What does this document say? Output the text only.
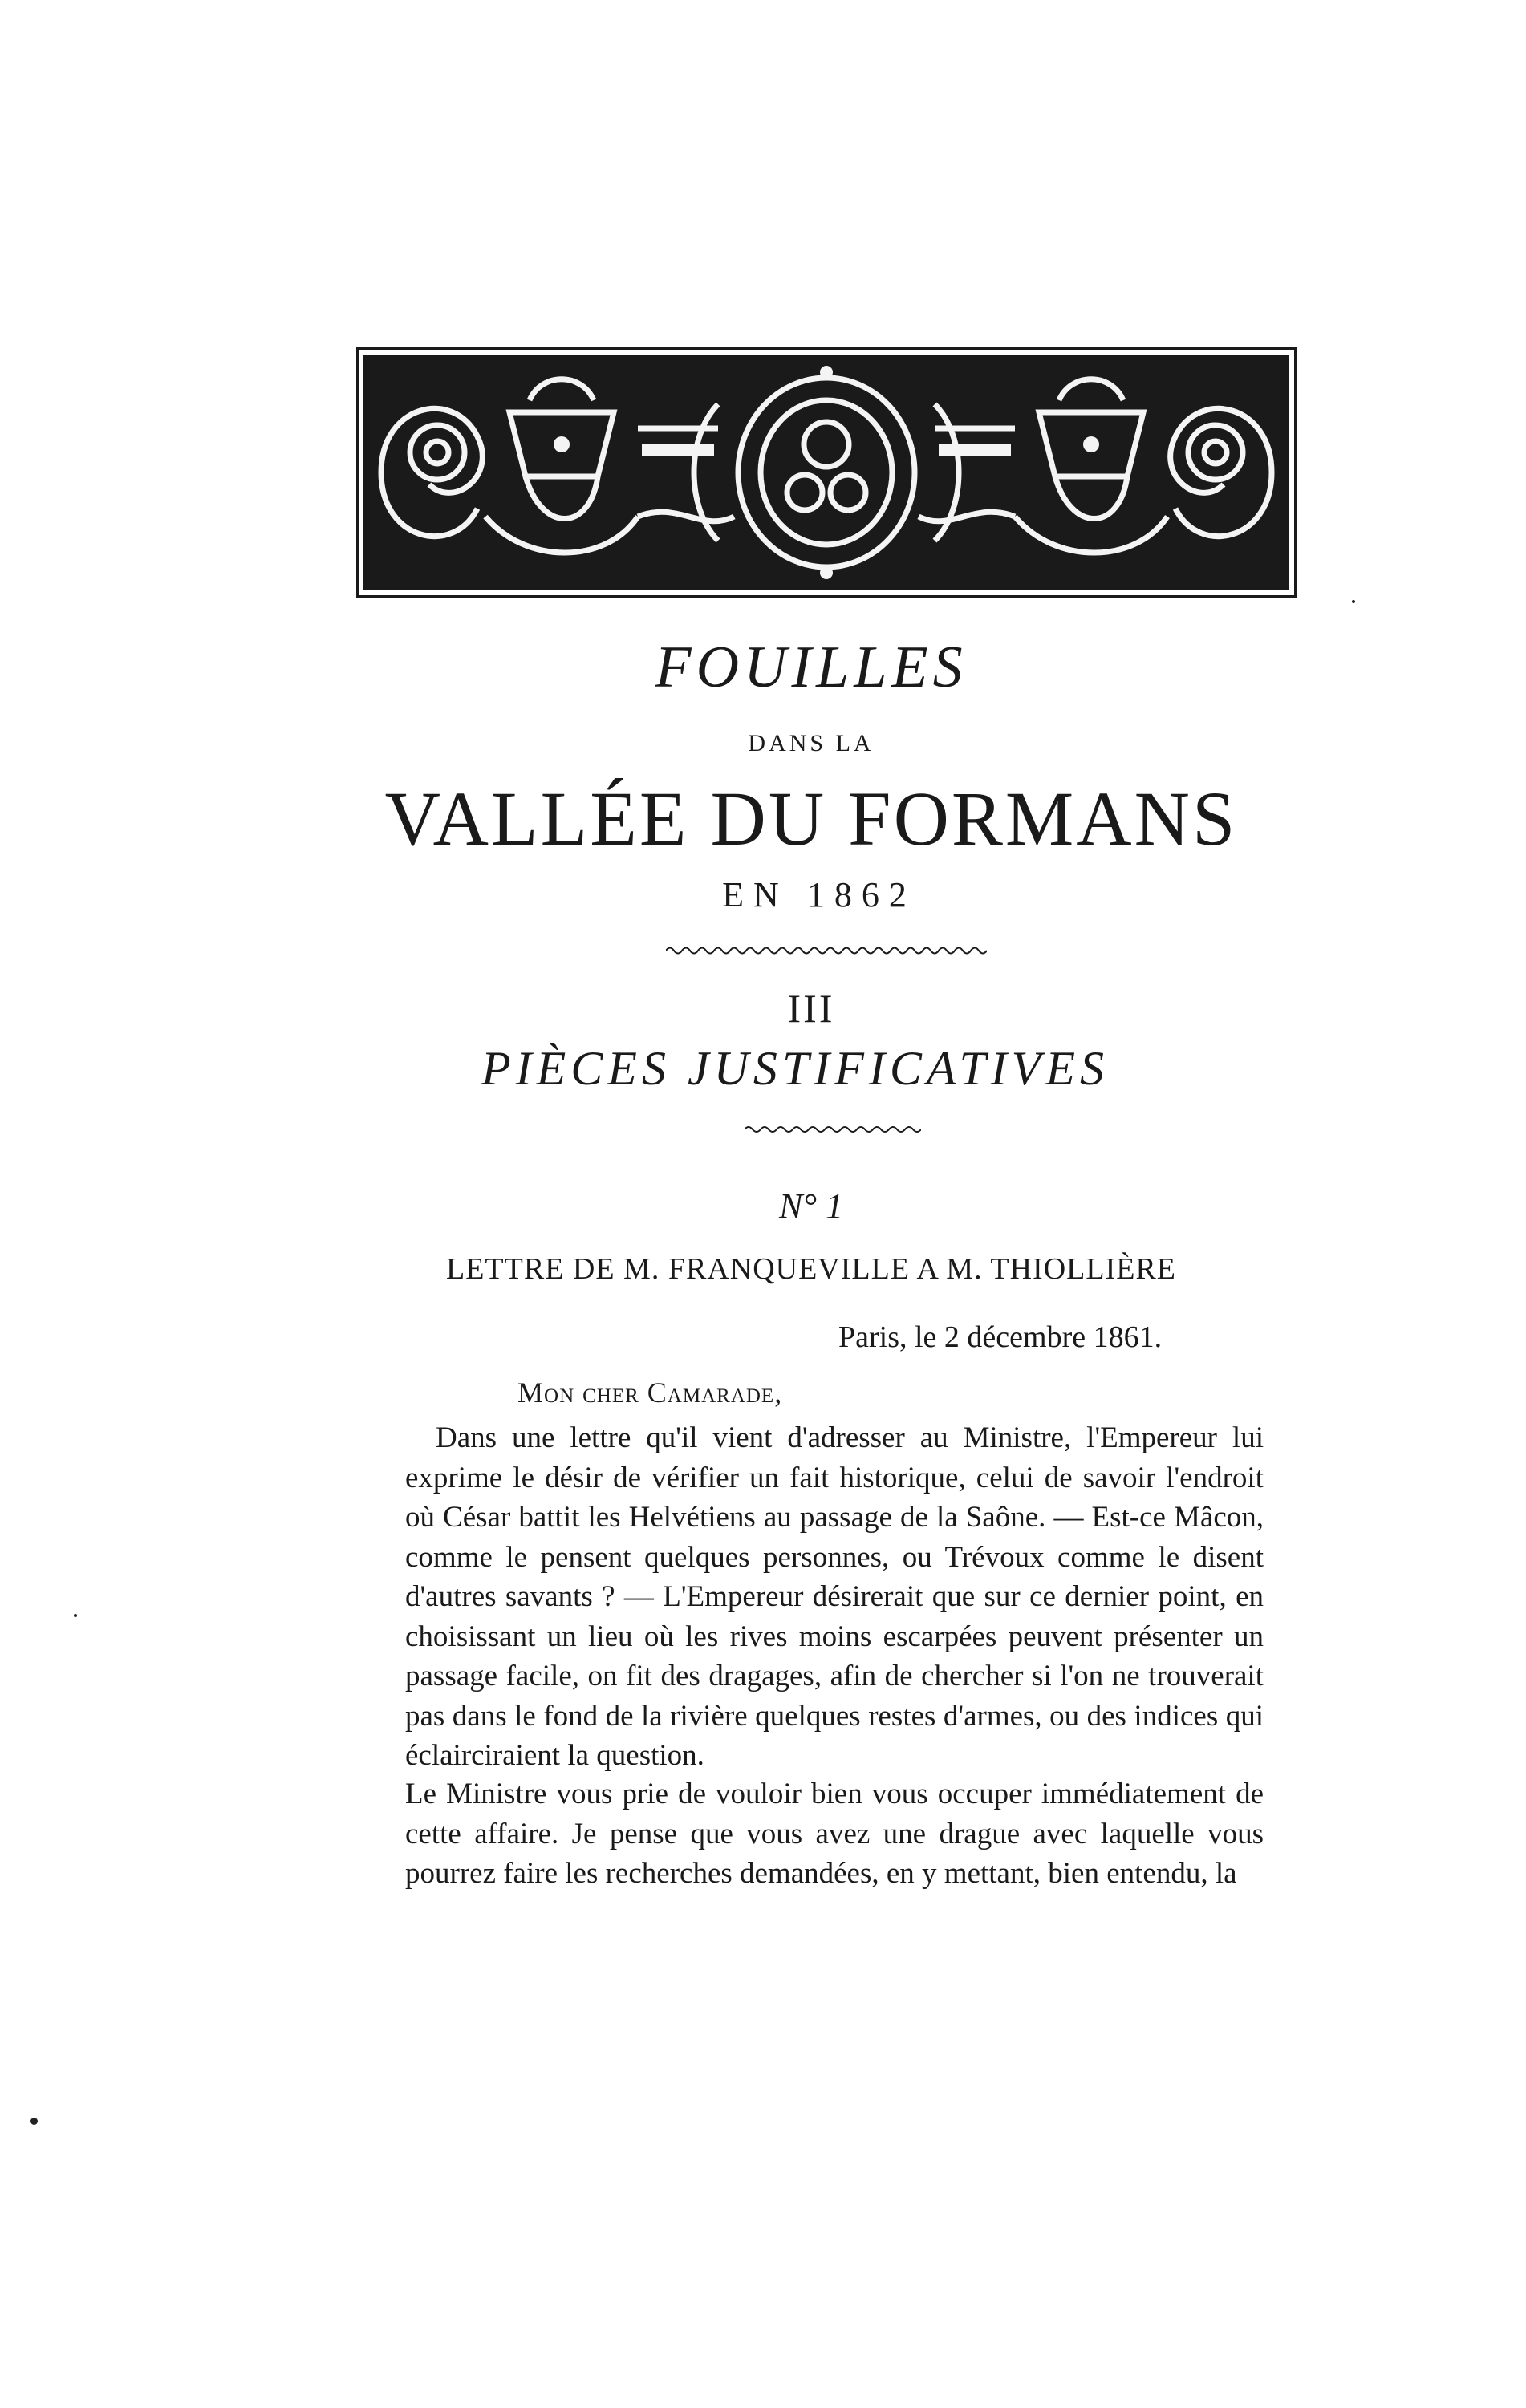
FOUILLES
DANS LA
VALLÉE DU FORMANS
EN 1862
III
PIÈCES JUSTIFICATIVES
N° 1
LETTRE DE M. FRANQUEVILLE A M. THIOLLIÈRE
Paris, le 2 décembre 1861.
Mon cher Camarade,

Dans une lettre qu'il vient d'adresser au Ministre, l'Empereur lui exprime le désir de vérifier un fait historique, celui de savoir l'endroit où César battit les Helvétiens au passage de la Saône. — Est-ce Mâcon, comme le pensent quelques personnes, ou Trévoux comme le disent d'autres savants ? — L'Empereur désirerait que sur ce dernier point, en choisissant un lieu où les rives moins escarpées peuvent présenter un passage facile, on fit des dragages, afin de chercher si l'on ne trouverait pas dans le fond de la rivière quelques restes d'armes, ou des indices qui éclairciraient la question.

Le Ministre vous prie de vouloir bien vous occuper immédiatement de cette affaire. Je pense que vous avez une drague avec laquelle vous pourrez faire les recherches demandées, en y mettant, bien entendu, la
